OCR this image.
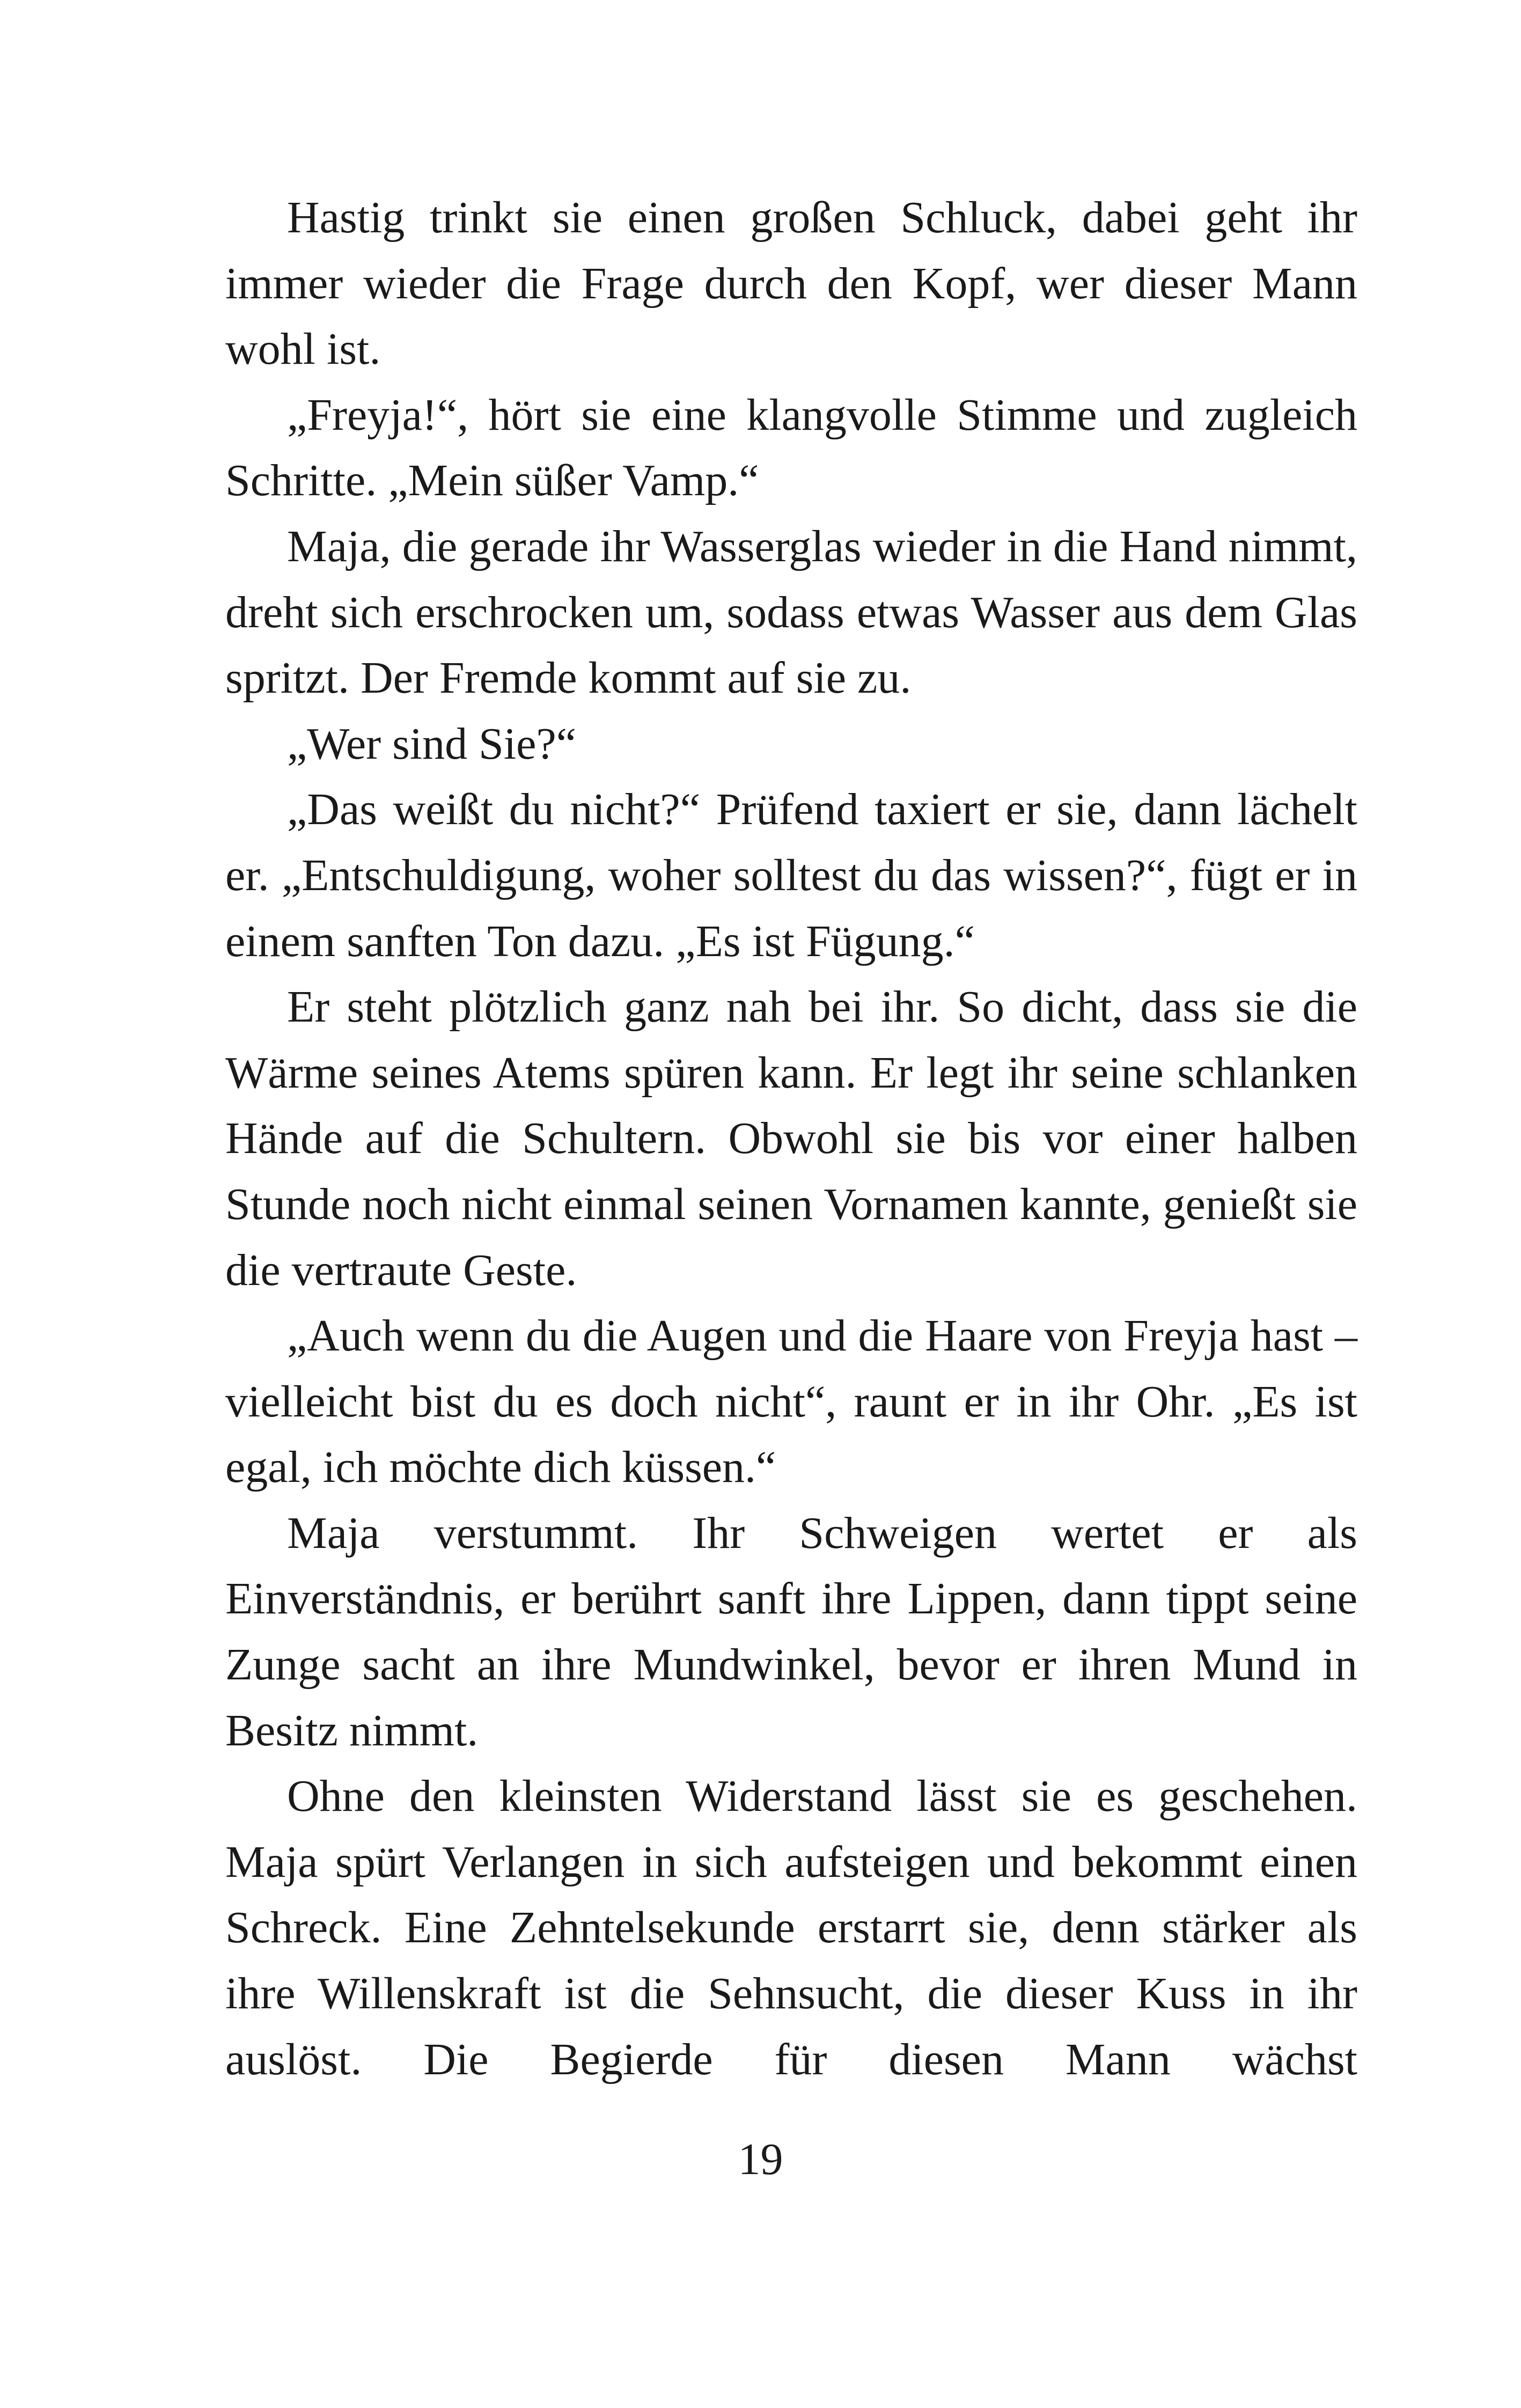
Hastig trinkt sie einen großen Schluck, dabei geht ihr immer wieder die Frage durch den Kopf, wer dieser Mann wohl ist.

„Freyja!“, hört sie eine klangvolle Stimme und zugleich Schritte. „Mein süßer Vamp.“

Maja, die gerade ihr Wasserglas wieder in die Hand nimmt, dreht sich erschrocken um, sodass etwas Wasser aus dem Glas spritzt. Der Fremde kommt auf sie zu.

„Wer sind Sie?“

„Das weißt du nicht?“ Prüfend taxiert er sie, dann lächelt er. „Entschuldigung, woher solltest du das wissen?“, fügt er in einem sanften Ton dazu. „Es ist Fügung.“

Er steht plötzlich ganz nah bei ihr. So dicht, dass sie die Wärme seines Atems spüren kann. Er legt ihr seine schlanken Hände auf die Schultern. Obwohl sie bis vor einer halben Stunde noch nicht einmal seinen Vornamen kannte, genießt sie die vertraute Geste.

„Auch wenn du die Augen und die Haare von Freyja hast – vielleicht bist du es doch nicht“, raunt er in ihr Ohr. „Es ist egal, ich möchte dich küssen.“

Maja verstummt. Ihr Schweigen wertet er als Einverständnis, er berührt sanft ihre Lippen, dann tippt seine Zunge sacht an ihre Mundwinkel, bevor er ihren Mund in Besitz nimmt.

Ohne den kleinsten Widerstand lässt sie es geschehen. Maja spürt Verlangen in sich aufsteigen und bekommt einen Schreck. Eine Zehntelsekunde erstarrt sie, denn stärker als ihre Willenskraft ist die Sehnsucht, die dieser Kuss in ihr auslöst. Die Begierde für diesen Mann wächst

19
